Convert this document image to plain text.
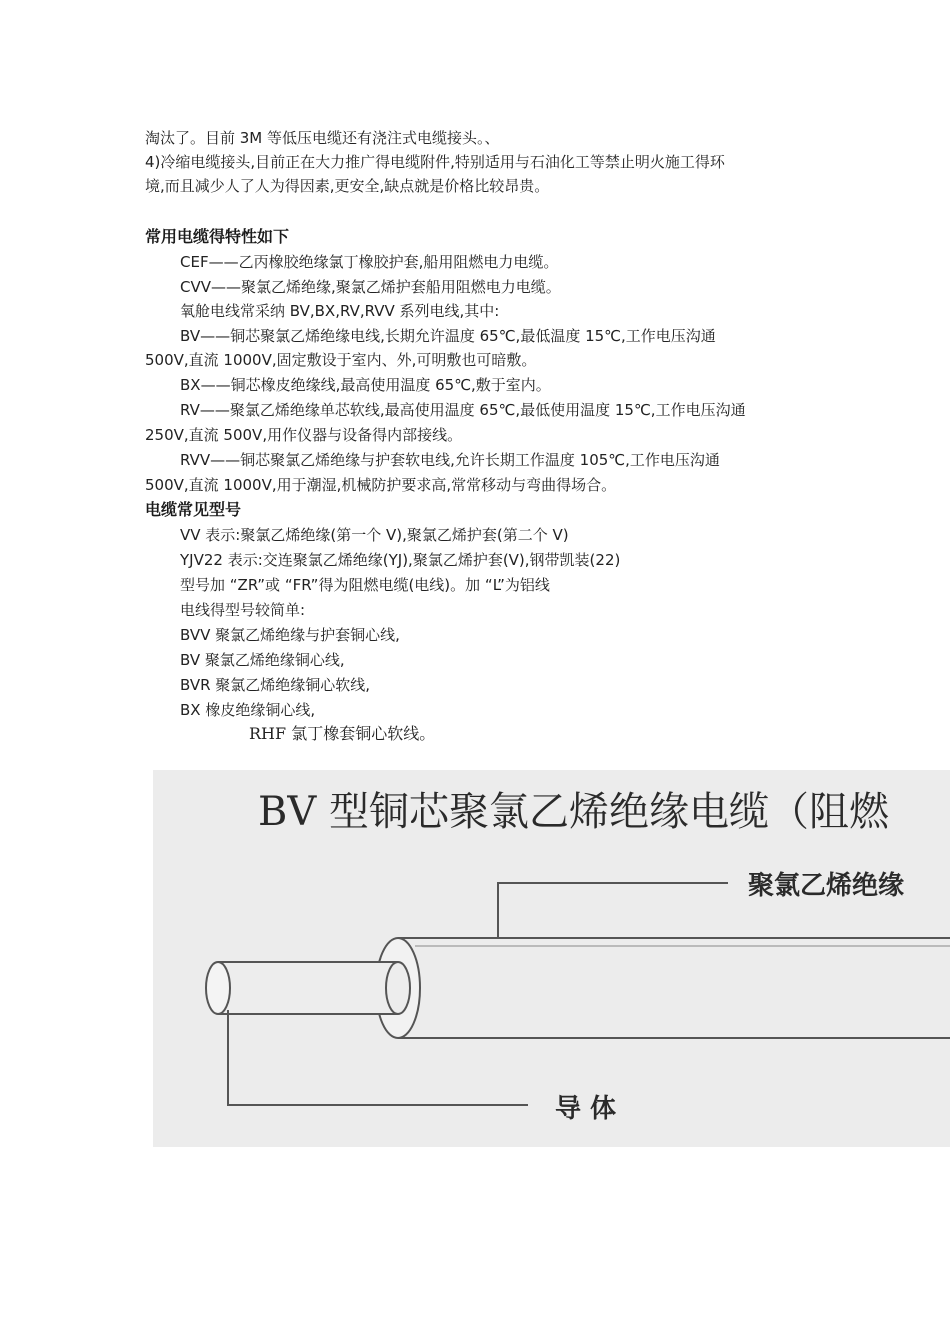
淘汰了。目前 3M 等低压电缆还有浇注式电缆接头。、
4)冷缩电缆接头,目前正在大力推广得电缆附件,特别适用与石油化工等禁止明火施工得环
境,而且减少人了人为得因素,更安全,缺点就是价格比较昂贵。
常用电缆得特性如下
CEF——乙丙橡胶绝缘氯丁橡胶护套,船用阻燃电力电缆。
CVV——聚氯乙烯绝缘,聚氯乙烯护套船用阻燃电力电缆。
氧舱电线常采纳 BV,BX,RV,RVV 系列电线,其中:
BV——铜芯聚氯乙烯绝缘电线,长期允许温度 65℃,最低温度 15℃,工作电压沟通
500V,直流 1000V,固定敷设于室内、外,可明敷也可暗敷。
BX——铜芯橡皮绝缘线,最高使用温度 65℃,敷于室内。
RV——聚氯乙烯绝缘单芯软线,最高使用温度 65℃,最低使用温度 15℃,工作电压沟通
250V,直流 500V,用作仪器与设备得内部接线。
RVV——铜芯聚氯乙烯绝缘与护套软电线,允许长期工作温度 105℃,工作电压沟通
500V,直流 1000V,用于潮湿,机械防护要求高,常常移动与弯曲得场合。
电缆常见型号
VV 表示:聚氯乙烯绝缘(第一个 V),聚氯乙烯护套(第二个 V)
YJV22 表示:交连聚氯乙烯绝缘(YJ),聚氯乙烯护套(V),钢带凯装(22)
型号加 “ZR”或 “FR”得为阻燃电缆(电线)。加 “L”为铝线
电线得型号较简单:
BVV 聚氯乙烯绝缘与护套铜心线,
BV 聚氯乙烯绝缘铜心线,
BVR 聚氯乙烯绝缘铜心软线,
BX 橡皮绝缘铜心线,
RHF 氯丁橡套铜心软线。
BV 型铜芯聚氯乙烯绝缘电缆（阻燃
聚氯乙烯绝缘
导 体
